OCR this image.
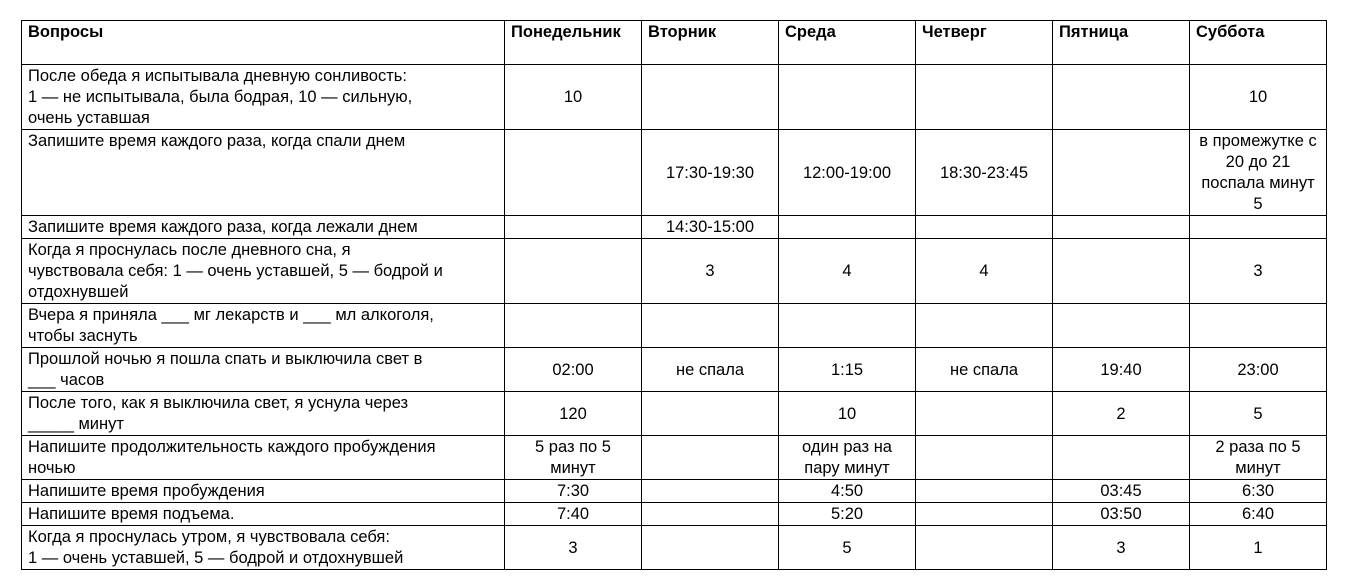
Вопросы	Понедельник	Вторник	Среда	Четверг	Пятница	Суббота

После обеда я испытывала дневную сонливость:
1 — не испытывала, была бодрая, 10 — сильную,
очень уставшая	10					10

Запишите время каждого раза, когда спали днем		17:30-19:30	12:00-19:00	18:30-23:45		в промежутке с 20 до 21 поспала минут 5

Запишите время каждого раза, когда лежали днем		14:30-15:00				

Когда я проснулась после дневного сна, я
чувствовала себя: 1 — очень уставшей, 5 — бодрой и
отдохнувшей		3	4	4		3

Вчера я приняла ___ мг лекарств и ___ мл алкоголя,
чтобы заснуть						

Прошлой ночью я пошла спать и выключила свет в
___ часов	02:00	не спала	1:15	не спала	19:40	23:00

После того, как я выключила свет, я уснула через
_____ минут	120		10		2	5

Напишите продолжительность каждого пробуждения
ночью	5 раз по 5 минут		один раз на пару минут			2 раза по 5 минут

Напишите время пробуждения	7:30		4:50		03:45	6:30

Напишите время подъема.	7:40		5:20		03:50	6:40

Когда я проснулась утром, я чувствовала себя:
1 — очень уставшей, 5 — бодрой и отдохнувшей	3		5		3	1
